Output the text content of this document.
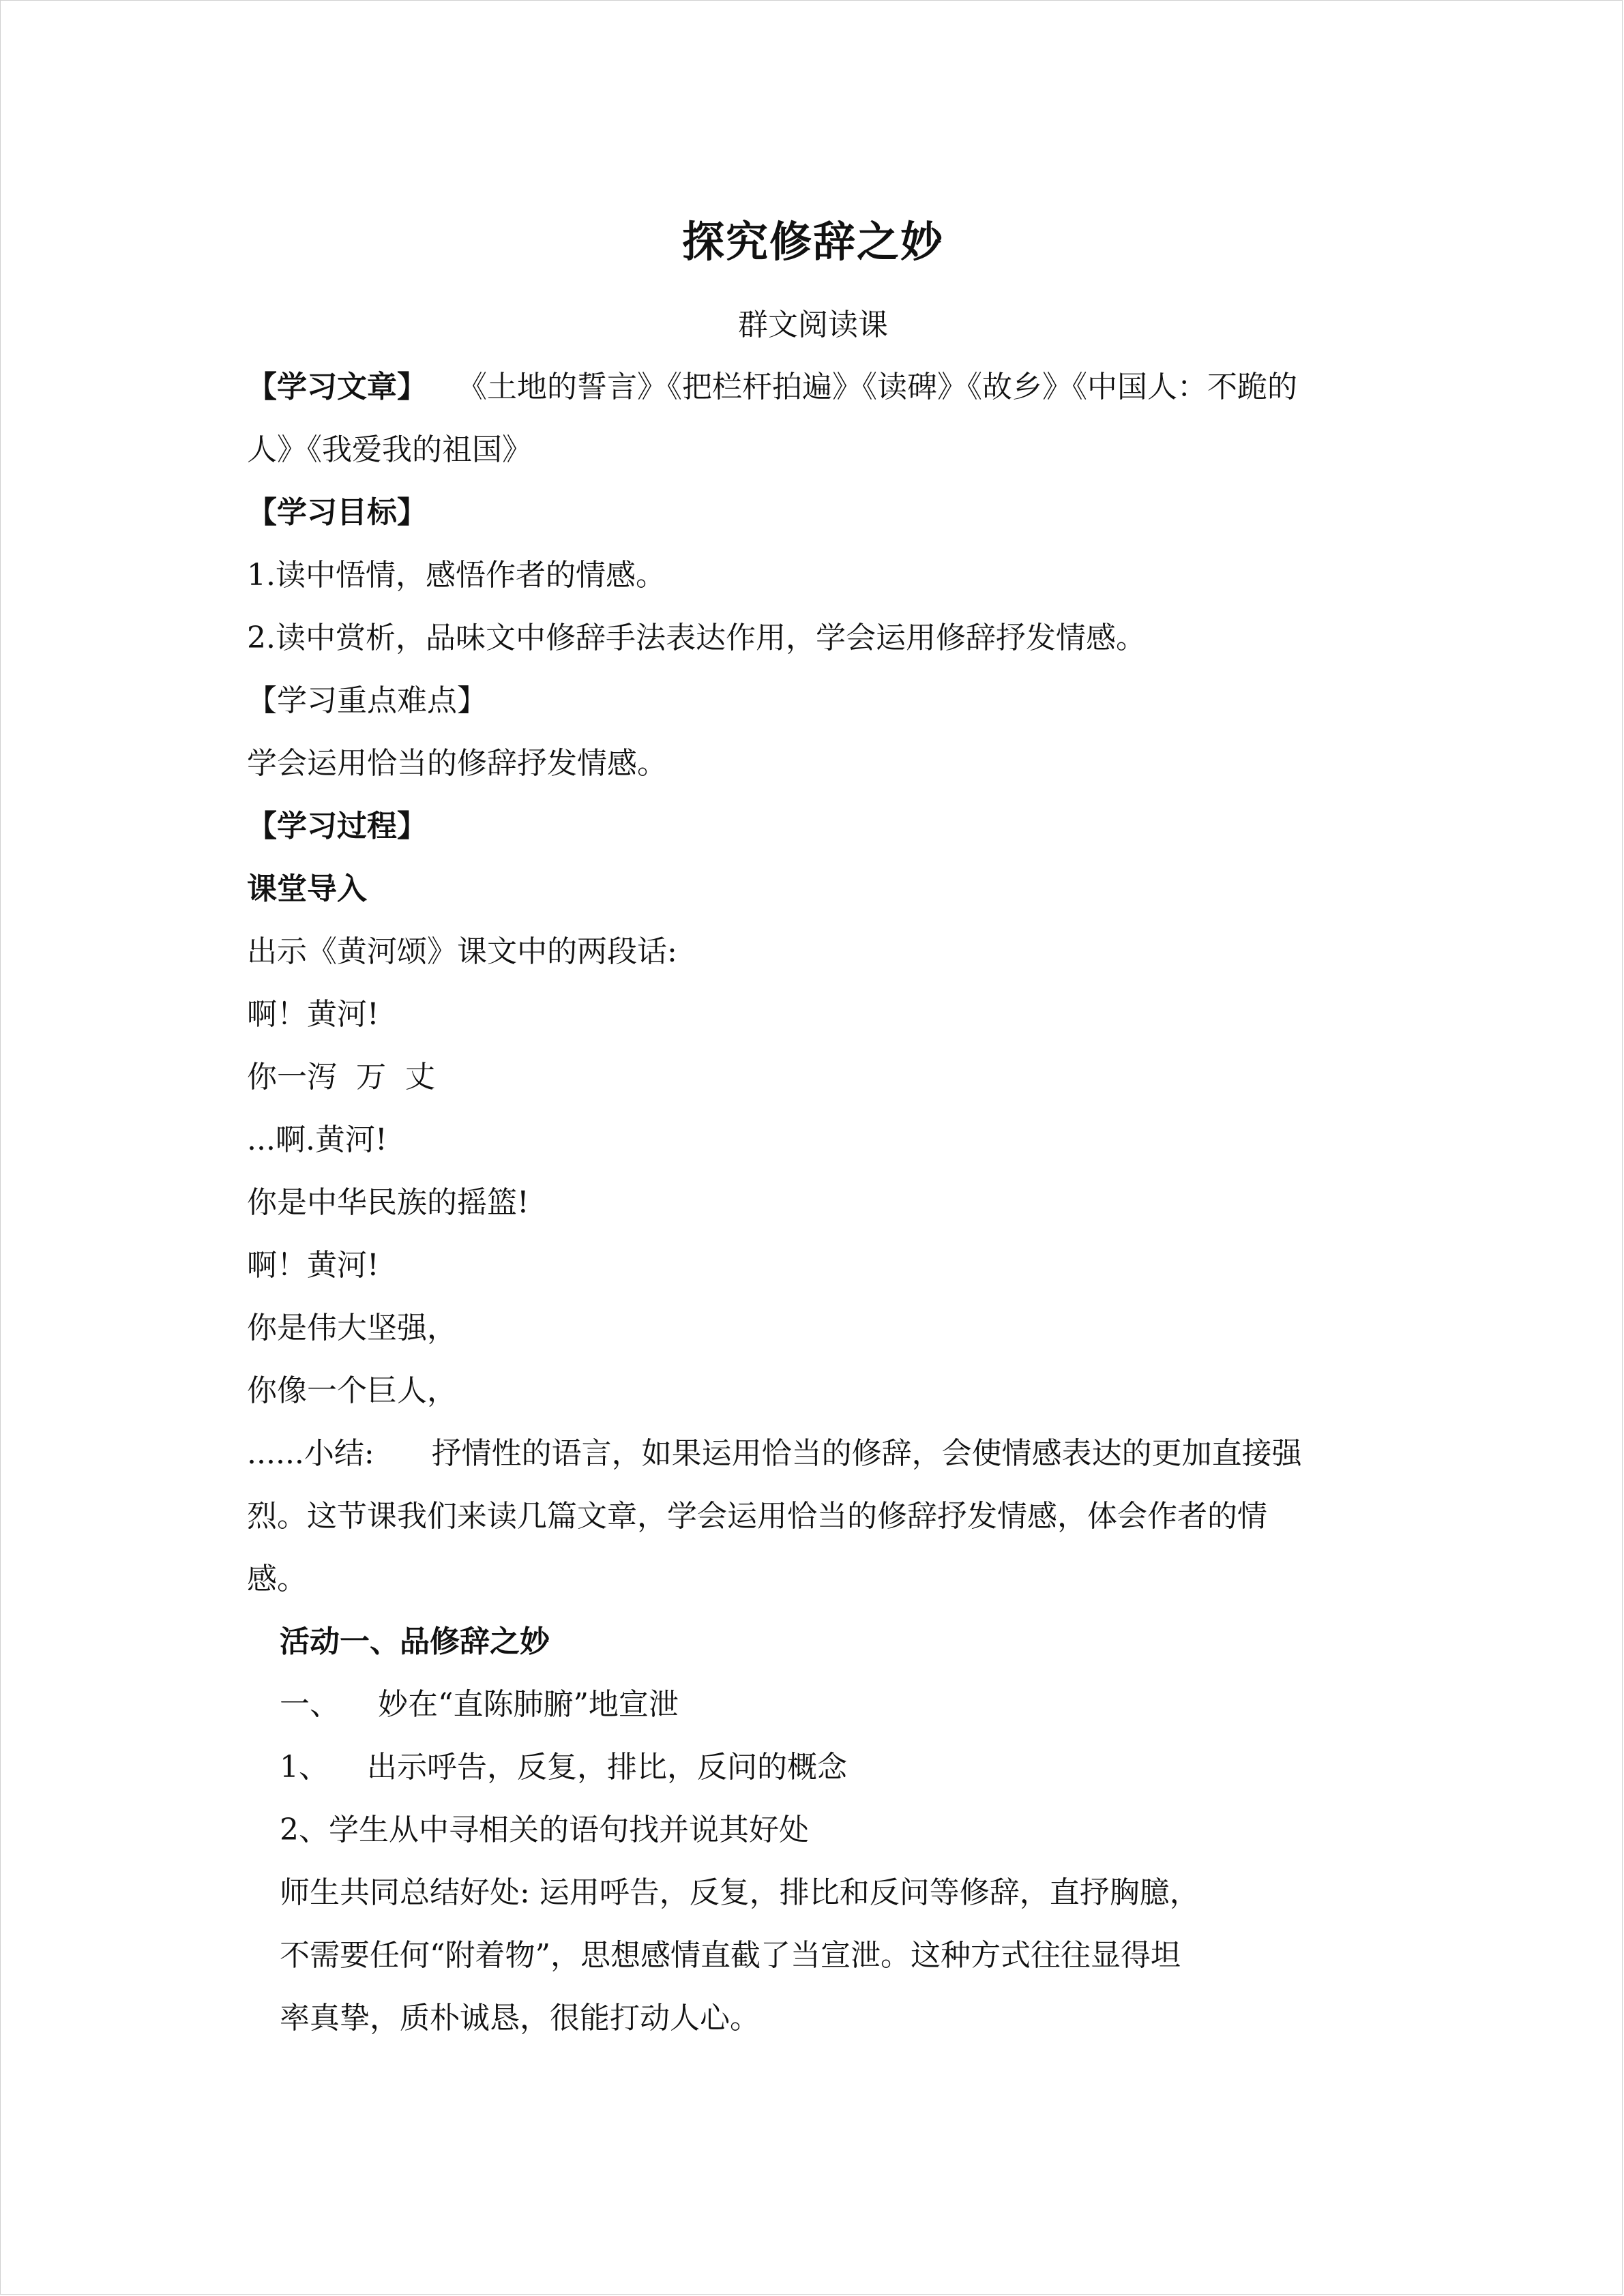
探究修辞之妙
群文阅读课
【学习文章】 《土地的誓言》《把栏杆拍遍》《读碑》《故乡》《中国人：不跪的
人》《我爱我的祖国》
【学习目标】
1.读中悟情，感悟作者的情感。
2.读中赏析，品味文中修辞手法表达作用，学会运用修辞抒发情感。
【学习重点难点】
学会运用恰当的修辞抒发情感。
【学习过程】
课堂导入
出示《黄河颂》课文中的两段话:
啊！黄河!
你一泻  万  丈
...啊.黄河!
你是中华民族的摇篮!
啊！黄河!
你是伟大坚强，
你像一个巨人，
......小结:      抒情性的语言，如果运用恰当的修辞，会使情感表达的更加直接强
烈。这节课我们来读几篇文章，学会运用恰当的修辞抒发情感，体会作者的情
感。
活动一、品修辞之妙
一、    妙在“直陈肺腑”地宣泄
1、    出示呼告，反复，排比，反问的概念
2、学生从中寻相关的语句找并说其好处
师生共同总结好处: 运用呼告，反复，排比和反问等修辞，直抒胸臆，
不需要任何“附着物”，思想感情直截了当宣泄。这种方式往往显得坦
率真挚，质朴诚恳，很能打动人心。
